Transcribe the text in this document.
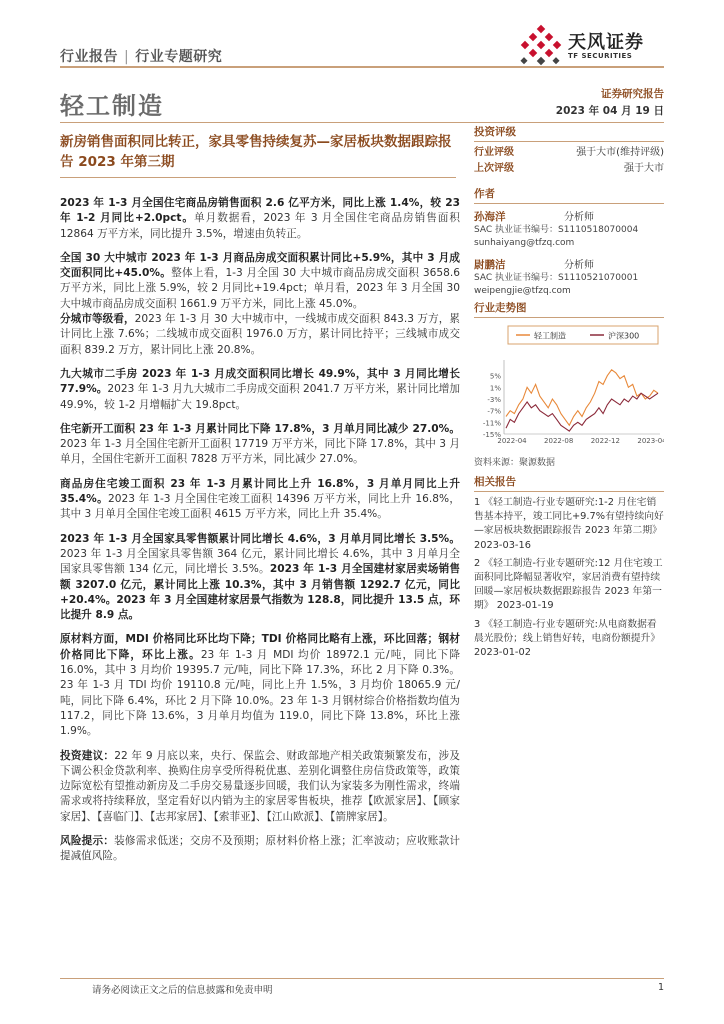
行业报告 | 行业专题研究
天风证券
TF SECURITIES
轻工制造	证券研究报告
2023 年 04 月 19 日
新房销售面积同比转正，家具零售持续复苏—家居板块数据跟踪报告 2023 年第三期

2023 年 1-3 月全国住宅商品房销售面积 2.6 亿平方米，同比上涨 1.4%，较 23 年 1-2 月同比+2.0pct。单月数据看，2023 年 3 月全国住宅商品房销售面积 12864 万平方米，同比提升 3.5%，增速由负转正。

全国 30 大中城市 2023 年 1-3 月商品房成交面积累计同比+5.9%，其中 3 月成交面积同比+45.0%。整体上看，1-3 月全国 30 大中城市商品房成交面积 3658.6 万平方米，同比上涨 5.9%，较 2 月同比+19.4pct；单月看，2023 年 3 月全国 30 大中城市商品房成交面积 1661.9 万平方米，同比上涨 45.0%。

分城市等级看，2023 年 1-3 月 30 大中城市中，一线城市成交面积 843.3 万方，累计同比上涨 7.6%；二线城市成交面积 1976.0 万方，累计同比持平；三线城市成交面积 839.2 万方，累计同比上涨 20.8%。

九大城市二手房 2023 年 1-3 月成交面积同比增长 49.9%，其中 3 月同比增长 77.9%。2023 年 1-3 月九大城市二手房成交面积 2041.7 万平方米，累计同比增加 49.9%，较 1-2 月增幅扩大 19.8pct。

住宅新开工面积 23 年 1-3 月累计同比下降 17.8%，3 月单月同比减少 27.0%。2023 年 1-3 月全国住宅新开工面积 17719 万平方米，同比下降 17.8%，其中 3 月单月，全国住宅新开工面积 7828 万平方米，同比减少 27.0%。

商品房住宅竣工面积 23 年 1-3 月累计同比上升 16.8%，3 月单月同比上升 35.4%。2023 年 1-3 月全国住宅竣工面积 14396 万平方米，同比上升 16.8%，其中 3 月单月全国住宅竣工面积 4615 万平方米，同比上升 35.4%。

2023 年 1-3 月全国家具零售额累计同比增长 4.6%，3 月单月同比增长 3.5%。2023 年 1-3 月全国家具零售额 364 亿元，累计同比增长 4.6%，其中 3 月单月全国家具零售额 134 亿元，同比增长 3.5%。2023 年 1-3 月全国建材家居卖场销售额 3207.0 亿元，累计同比上涨 10.3%，其中 3 月销售额 1292.7 亿元，同比+20.4%。2023 年 3 月全国建材家居景气指数为 128.8，同比提升 13.5 点，环比提升 8.9 点。

原材料方面，MDI 价格同比环比均下降；TDI 价格同比略有上涨，环比回落；钢材价格同比下降，环比上涨。23 年 1-3 月 MDI 均价 18972.1 元/吨，同比下降 16.0%，其中 3 月均价 19395.7 元/吨，同比下降 17.3%，环比 2 月下降 0.3%。23 年 1-3 月 TDI 均价 19110.8 元/吨，同比上升 1.5%，3 月均价 18065.9 元/吨，同比下降 6.4%，环比 2 月下降 10.0%。23 年 1-3 月钢材综合价格指数均值为 117.2，同比下降 13.6%，3 月单月均值为 119.0，同比下降 13.8%，环比上涨 1.9%。

投资建议：22 年 9 月底以来，央行、保监会、财政部地产相关政策频繁发布，涉及下调公积金贷款利率、换购住房享受所得税优惠、差别化调整住房信贷政策等，政策边际宽松有望推动新房及二手房交易量逐步回暖，我们认为家装多为刚性需求，终端需求或将持续释放，坚定看好以内销为主的家居零售板块，推荐【欧派家居】、【顾家家居】、【喜临门】、【志邦家居】、【索菲亚】、【江山欧派】、【箭牌家居】。

风险提示：装修需求低迷；交房不及预期；原材料价格上涨；汇率波动；应收账款计提减值风险。

投资评级
行业评级	强于大市(维持评级)
上次评级	强于大市
作者
孙海洋	分析师
SAC 执业证书编号：S1110518070004
sunhaiyang@tfzq.com
尉鹏洁	分析师
SAC 执业证书编号：S1110521070001
weipengjie@tfzq.com
行业走势图
轻工制造	沪深300
5%
1%
-3%
-7%
-11%
-15%
2022-04 2022-08 2022-12 2023-04
资料来源：聚源数据
相关报告

1 《轻工制造-行业专题研究:1-2 月住宅销售基本持平，竣工同比+9.7%有望持续向好—家居板块数据跟踪报告 2023 年第二期》 2023-03-16

2 《轻工制造-行业专题研究:12 月住宅竣工面积同比降幅显著收窄，家居消费有望持续回暖—家居板块数据跟踪报告 2023 年第一期》 2023-01-19

3 《轻工制造-行业专题研究:从电商数据看晨光股份；线上销售好转，电商份额提升》 2023-01-02

请务必阅读正文之后的信息披露和免责申明	1
